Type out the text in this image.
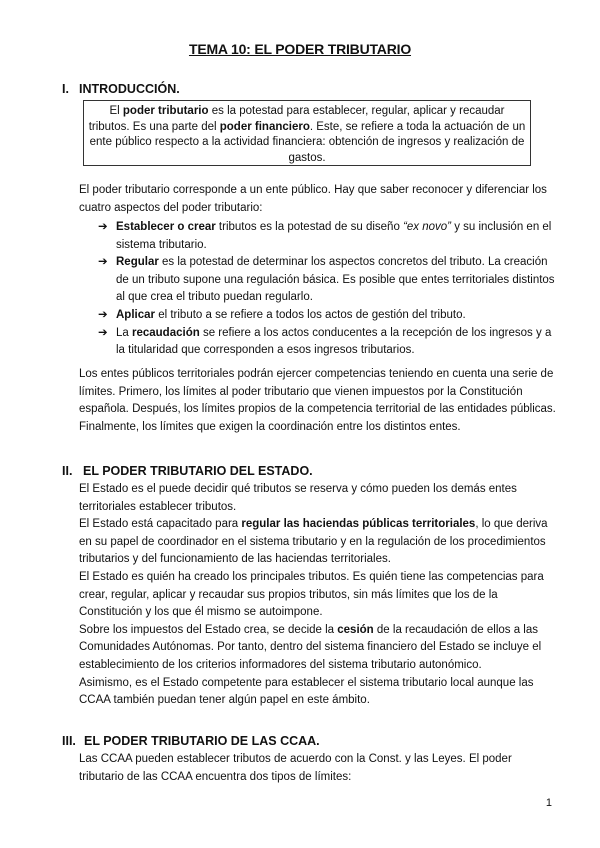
TEMA 10: EL PODER TRIBUTARIO
I. INTRODUCCIÓN.

El poder tributario es la potestad para establecer, regular, aplicar y recaudar tributos. Es una parte del poder financiero. Este, se refiere a toda la actuación de un ente público respecto a la actividad financiera: obtención de ingresos y realización de gastos.

El poder tributario corresponde a un ente público. Hay que saber reconocer y diferenciar los cuatro aspectos del poder tributario:

➔ Establecer o crear tributos es la potestad de su diseño “ex novo” y su inclusión en el sistema tributario.
➔ Regular es la potestad de determinar los aspectos concretos del tributo. La creación de un tributo supone una regulación básica. Es posible que entes territoriales distintos al que crea el tributo puedan regularlo.
➔ Aplicar el tributo a se refiere a todos los actos de gestión del tributo.
➔ La recaudación se refiere a los actos conducentes a la recepción de los ingresos y a la titularidad que corresponden a esos ingresos tributarios.

Los entes públicos territoriales podrán ejercer competencias teniendo en cuenta una serie de límites. Primero, los límites al poder tributario que vienen impuestos por la Constitución española. Después, los límites propios de la competencia territorial de las entidades públicas. Finalmente, los límites que exigen la coordinación entre los distintos entes.

II. EL PODER TRIBUTARIO DEL ESTADO.
El Estado es el puede decidir qué tributos se reserva y cómo pueden los demás entes territoriales establecer tributos.
El Estado está capacitado para regular las haciendas públicas territoriales, lo que deriva en su papel de coordinador en el sistema tributario y en la regulación de los procedimientos tributarios y del funcionamiento de las haciendas territoriales.
El Estado es quién ha creado los principales tributos. Es quién tiene las competencias para crear, regular, aplicar y recaudar sus propios tributos, sin más límites que los de la Constitución y los que él mismo se autoimpone.
Sobre los impuestos del Estado crea, se decide la cesión de la recaudación de ellos a las Comunidades Autónomas. Por tanto, dentro del sistema financiero del Estado se incluye el establecimiento de los criterios informadores del sistema tributario autonómico.
Asimismo, es el Estado competente para establecer el sistema tributario local aunque las CCAA también puedan tener algún papel en este ámbito.
III. EL PODER TRIBUTARIO DE LAS CCAA.

Las CCAA pueden establecer tributos de acuerdo con la Const. y las Leyes. El poder tributario de las CCAA encuentra dos tipos de límites:

1
